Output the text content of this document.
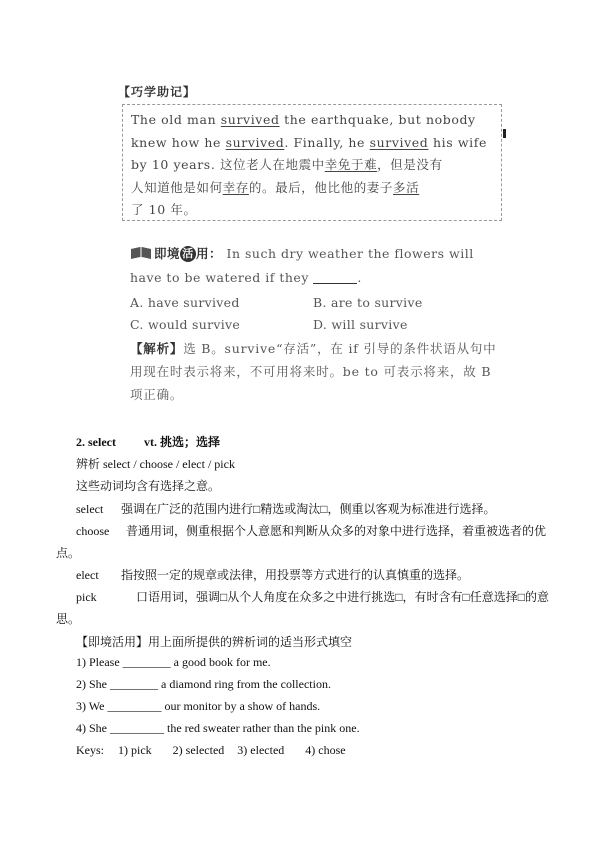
【巧学助记】
The old man survived the earthquake, but nobody
knew how he survived. Finally, he survived his wife
by 10 years. 这位老人在地震中幸免于难，但是没有
人知道他是如何幸存的。最后，他比他的妻子多活
了 10 年。
即境 活 用： In such dry weather the flowers will
have to be watered if they	.
A. have survived	B. are to survive
C. would survive	D. will survive
【解析】选 B。survive“存活”，在 if 引导的条件状语从句中用现在时表示将来，不可用将来时。be to 可表示将来，故 B 项正确。
2. select vt. 挑选；选择
辨析 select / choose / elect / pick
这些动词均含有选择之意。
select 强调在广泛的范围内进行□精选或淘汰□，侧重以客观为标准进行选择。
choose 普通用词，侧重根据个人意愿和判断从众多的对象中进行选择，着重被选者的优
点。
elect 指按照一定的规章或法律，用投票等方式进行的认真慎重的选择。
pick	口语用词，强调□从个人角度在众多之中进行挑选□，有时含有□任意选择□的意
思。
【即境活用】用上面所提供的辨析词的适当形式填空
1) Please ________ a good book for me.
2) She ________ a diamond ring from the collection.
3) We _________ our monitor by a show of hands.
4) She _________ the red sweater rather than the pink one.
Keys: 1) pick 2) selected 3) elected 4) chose
